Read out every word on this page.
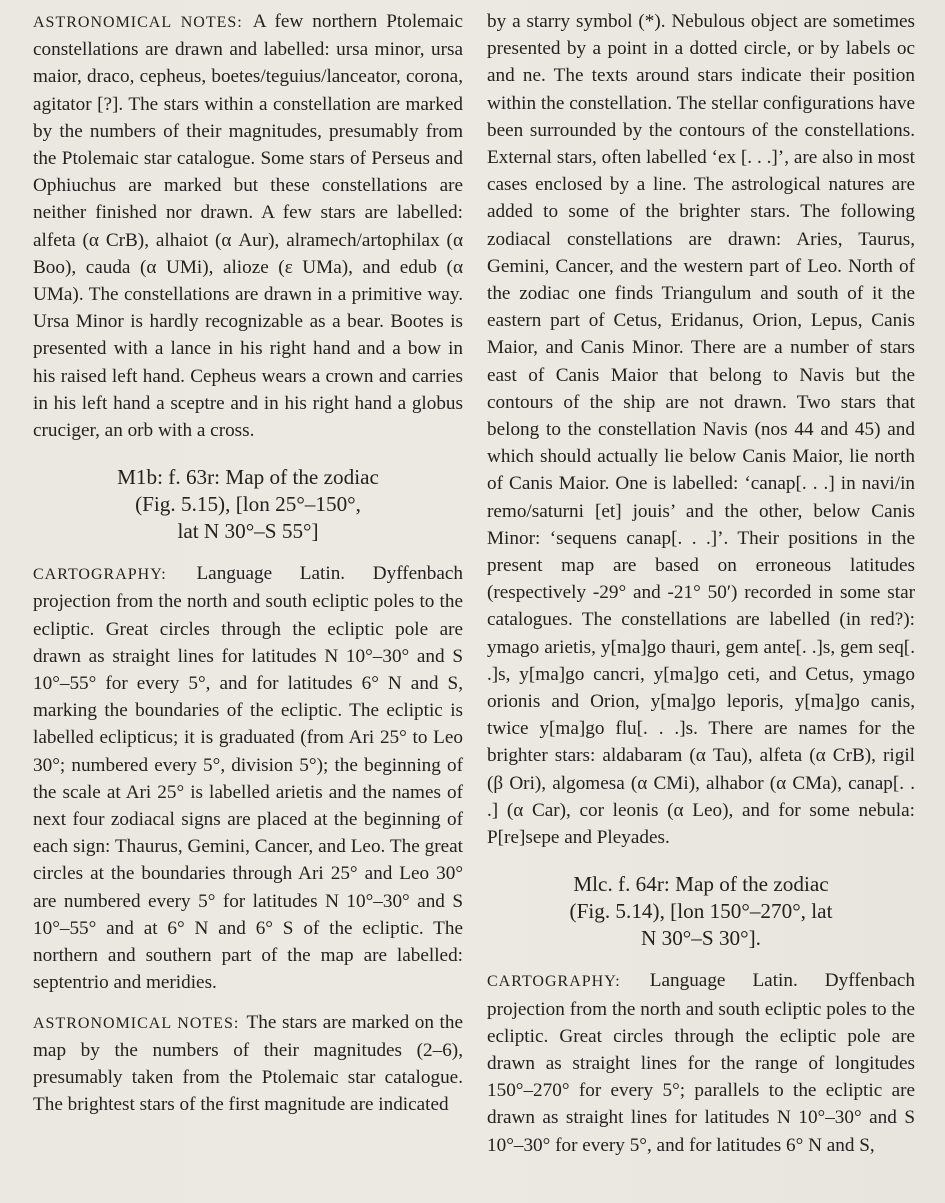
ASTRONOMICAL NOTES: A few northern Ptolemaic constellations are drawn and labelled: ursa minor, ursa maior, draco, cepheus, boetes/teguius/lanceator, corona, agitator [?]. The stars within a constellation are marked by the numbers of their magnitudes, presumably from the Ptolemaic star catalogue. Some stars of Perseus and Ophiuchus are marked but these constellations are neither finished nor drawn. A few stars are labelled: alfeta (α CrB), alhaiot (α Aur), alramech/artophilax (α Boo), cauda (α UMi), alioze (ε UMa), and edub (α UMa). The constellations are drawn in a primitive way. Ursa Minor is hardly recognizable as a bear. Bootes is presented with a lance in his right hand and a bow in his raised left hand. Cepheus wears a crown and carries in his left hand a sceptre and in his right hand a globus cruciger, an orb with a cross.

M1b: f. 63r: Map of the zodiac
(Fig. 5.15), [lon 25°–150°,
lat N 30°–S 55°]

CARTOGRAPHY: Language Latin. Dyffenbach projection from the north and south ecliptic poles to the ecliptic. Great circles through the ecliptic pole are drawn as straight lines for latitudes N 10°–30° and S 10°–55° for every 5°, and for latitudes 6° N and S, marking the boundaries of the ecliptic. The ecliptic is labelled eclipticus; it is graduated (from Ari 25° to Leo 30°; numbered every 5°, division 5°); the beginning of the scale at Ari 25° is labelled arietis and the names of next four zodiacal signs are placed at the beginning of each sign: Thaurus, Gemini, Cancer, and Leo. The great circles at the boundaries through Ari 25° and Leo 30° are numbered every 5° for latitudes N 10°–30° and S 10°–55° and at 6° N and 6° S of the ecliptic. The northern and southern part of the map are labelled: septentrio and meridies.

ASTRONOMICAL NOTES: The stars are marked on the map by the numbers of their magnitudes (2–6), presumably taken from the Ptolemaic star catalogue. The brightest stars of the first magnitude are indicated

by a starry symbol (*). Nebulous object are sometimes presented by a point in a dotted circle, or by labels oc and ne. The texts around stars indicate their position within the constellation. The stellar configurations have been surrounded by the contours of the constellations. External stars, often labelled ‘ex [. . .]’, are also in most cases enclosed by a line. The astrological natures are added to some of the brighter stars. The following zodiacal constellations are drawn: Aries, Taurus, Gemini, Cancer, and the western part of Leo. North of the zodiac one finds Triangulum and south of it the eastern part of Cetus, Eridanus, Orion, Lepus, Canis Maior, and Canis Minor. There are a number of stars east of Canis Maior that belong to Navis but the contours of the ship are not drawn. Two stars that belong to the constellation Navis (nos 44 and 45) and which should actually lie below Canis Maior, lie north of Canis Maior. One is labelled: ‘canap[. . .] in navi/in remo/saturni [et] jouis’ and the other, below Canis Minor: ‘sequens canap[. . .]’. Their positions in the present map are based on erroneous latitudes (respectively -29° and -21° 50′) recorded in some star catalogues. The constellations are labelled (in red?): ymago arietis, y[ma]go thauri, gem ante[. .]s, gem seq[. .]s, y[ma]go cancri, y[ma]go ceti, and Cetus, ymago orionis and Orion, y[ma]go leporis, y[ma]go canis, twice y[ma]go flu[. . .]s. There are names for the brighter stars: aldabaram (α Tau), alfeta (α CrB), rigil (β Ori), algomesa (α CMi), alhabor (α CMa), canap[. . .] (α Car), cor leonis (α Leo), and for some nebula: P[re]sepe and Pleyades.

Mlc. f. 64r: Map of the zodiac
(Fig. 5.14), [lon 150°–270°, lat
N 30°–S 30°].

CARTOGRAPHY: Language Latin. Dyffenbach projection from the north and south ecliptic poles to the ecliptic. Great circles through the ecliptic pole are drawn as straight lines for the range of longitudes 150°–270° for every 5°; parallels to the ecliptic are drawn as straight lines for latitudes N 10°–30° and S 10°–30° for every 5°, and for latitudes 6° N and S,
